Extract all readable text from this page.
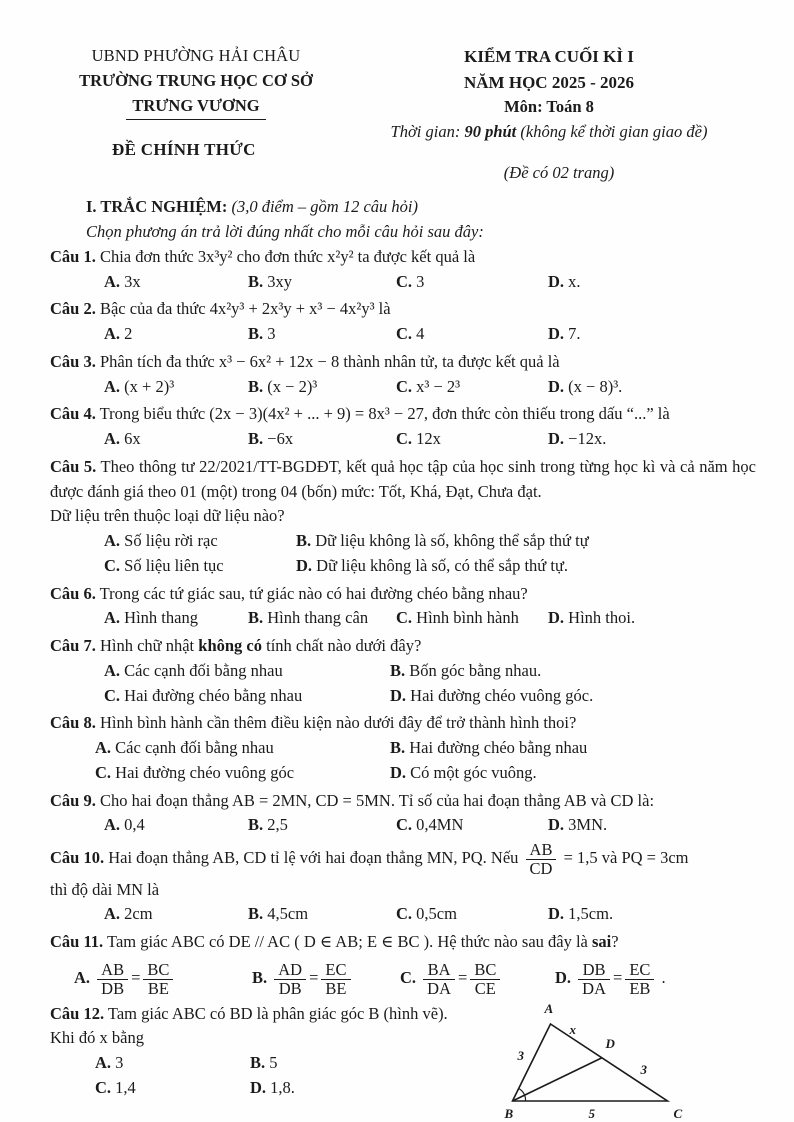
UBND PHƯỜNG HẢI CHÂU
TRƯỜNG TRUNG HỌC CƠ SỞ
TRƯNG VƯƠNG
ĐỀ CHÍNH THỨC
KIỂM TRA CUỐI KÌ I
NĂM HỌC 2025 - 2026
Môn: Toán 8
Thời gian: 90 phút (không kể thời gian giao đề)
(Đề có 02 trang)
I. TRẮC NGHIỆM: (3,0 điểm – gồm 12 câu hỏi)
Chọn phương án trả lời đúng nhất cho mỗi câu hỏi sau đây:
Câu 1. Chia đơn thức 3x³y² cho đơn thức x²y² ta được kết quả là
A. 3x	B. 3xy	C. 3	D. x.
Câu 2. Bậc của đa thức 4x²y³ + 2x³y + x³ − 4x²y³ là
A. 2	B. 3	C. 4	D. 7.
Câu 3. Phân tích đa thức x³ − 6x² + 12x − 8 thành nhân tử, ta được kết quả là
A. (x + 2)³	B. (x − 2)³	C. x³ − 2³	D. (x − 8)³.
Câu 4. Trong biểu thức (2x − 3)(4x² + ... + 9) = 8x³ − 27, đơn thức còn thiếu trong dấu “...” là
A. 6x	B. −6x	C. 12x	D. −12x.
Câu 5. Theo thông tư 22/2021/TT-BGDĐT, kết quả học tập của học sinh trong từng học kì và cả năm học được đánh giá theo 01 (một) trong 04 (bốn) mức: Tốt, Khá, Đạt, Chưa đạt.
Dữ liệu trên thuộc loại dữ liệu nào?
A. Số liệu rời rạc	B. Dữ liệu không là số, không thể sắp thứ tự
C. Số liệu liên tục	D. Dữ liệu không là số, có thể sắp thứ tự.
Câu 6. Trong các tứ giác sau, tứ giác nào có hai đường chéo bằng nhau?
A. Hình thang	B. Hình thang cân	C. Hình bình hành	D. Hình thoi.
Câu 7. Hình chữ nhật không có tính chất nào dưới đây?
A. Các cạnh đối bằng nhau	B. Bốn góc bằng nhau.
C. Hai đường chéo bằng nhau	D. Hai đường chéo vuông góc.
Câu 8. Hình bình hành cần thêm điều kiện nào dưới đây để trở thành hình thoi?
A. Các cạnh đối bằng nhau	B. Hai đường chéo bằng nhau
C. Hai đường chéo vuông góc	D. Có một góc vuông.
Câu 9. Cho hai đoạn thẳng AB = 2MN, CD = 5MN. Tỉ số của hai đoạn thẳng AB và CD là:
A. 0,4	B. 2,5	C. 0,4MN	D. 3MN.
Câu 10. Hai đoạn thẳng AB, CD tỉ lệ với hai đoạn thẳng MN, PQ. Nếu $\frac{AB}{CD} = 1,5$ và PQ = 3cm
thì độ dài MN là
A. 2cm	B. 4,5cm	C. 0,5cm	D. 1,5cm.
Câu 11. Tam giác ABC có DE // AC ( D ∈ AB; E ∈ BC ). Hệ thức nào sau đây là sai?
A. $\frac{AB}{DB} = \frac{BC}{BE}$	B. $\frac{AD}{DB} = \frac{EC}{BE}$	C. $\frac{BA}{DA} = \frac{BC}{CE}$	D. $\frac{DB}{DA} = \frac{EC}{EB}$ .
Câu 12. Tam giác ABC có BD là phân giác góc B (hình vẽ).
Khi đó x bằng
A. 3	B. 5
C. 1,4	D. 1,8.
A
B	C
D
x
3
3
5
